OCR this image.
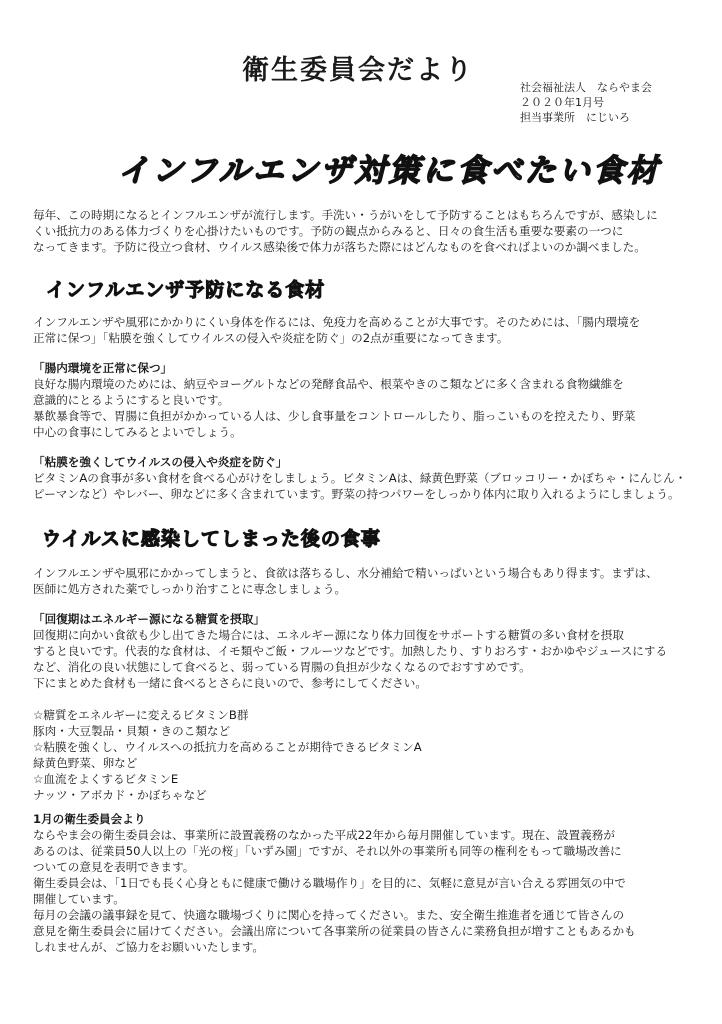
衛生委員会だより
社会福祉法人　ならやま会
２０２０年1月号
担当事業所　にじいろ
インフルエンザ対策に食べたい食材

毎年、この時期になるとインフルエンザが流行します。手洗い・うがいをして予防することはもちろんですが、感染しに

くい抵抗力のある体力づくりを心掛けたいものです。予防の観点からみると、日々の食生活も重要な要素の一つに

なってきます。予防に役立つ食材、ウイルス感染後で体力が落ちた際にはどんなものを食べればよいのか調べました。

インフルエンザ予防になる食材

インフルエンザや風邪にかかりにくい身体を作るには、免疫力を高めることが大事です。そのためには、「腸内環境を

正常に保つ」「粘膜を強くしてウイルスの侵入や炎症を防ぐ」の2点が重要になってきます。

「腸内環境を正常に保つ」

良好な腸内環境のためには、納豆やヨーグルトなどの発酵食品や、根菜やきのこ類などに多く含まれる食物繊維を

意識的にとるようにすると良いです。

暴飲暴食等で、胃腸に負担がかかっている人は、少し食事量をコントロールしたり、脂っこいものを控えたり、野菜

中心の食事にしてみるとよいでしょう。

「粘膜を強くしてウイルスの侵入や炎症を防ぐ」

ビタミンAの食事が多い食材を食べる心がけをしましょう。ビタミンAは、緑黄色野菜（ブロッコリー・かぼちゃ・にんじん・

ピーマンなど）やレバー、卵などに多く含まれています。野菜の持つパワーをしっかり体内に取り入れるようにしましょう。

ウイルスに感染してしまった後の食事

インフルエンザや風邪にかかってしまうと、食欲は落ちるし、水分補給で精いっぱいという場合もあり得ます。まずは、

医師に処方された薬でしっかり治すことに専念しましょう。

「回復期はエネルギー源になる糖質を摂取」

回復期に向かい食欲も少し出てきた場合には、エネルギー源になり体力回復をサポートする糖質の多い食材を摂取

すると良いです。代表的な食材は、イモ類やご飯・フルーツなどです。加熱したり、すりおろす・おかゆやジュースにする

など、消化の良い状態にして食べると、弱っている胃腸の負担が少なくなるのでおすすめです。

下にまとめた食材も一緒に食べるとさらに良いので、参考にしてください。

☆糖質をエネルギーに変えるビタミンB群

豚肉・大豆製品・貝類・きのこ類など

☆粘膜を強くし、ウイルスへの抵抗力を高めることが期待できるビタミンA

緑黄色野菜、卵など

☆血流をよくするビタミンE

ナッツ・アボカド・かぼちゃなど

1月の衛生委員会より

ならやま会の衛生委員会は、事業所に設置義務のなかった平成22年から毎月開催しています。現在、設置義務が

あるのは、従業員50人以上の「光の桜」「いずみ園」ですが、それ以外の事業所も同等の権利をもって職場改善に

ついての意見を表明できます。

衛生委員会は、「1日でも長く心身ともに健康で働ける職場作り」を目的に、気軽に意見が言い合える雰囲気の中で

開催しています。

毎月の会議の議事録を見て、快適な職場づくりに関心を持ってください。また、安全衛生推進者を通じて皆さんの

意見を衛生委員会に届けてください。会議出席について各事業所の従業員の皆さんに業務負担が増すこともあるかも

しれませんが、ご協力をお願いいたします。
